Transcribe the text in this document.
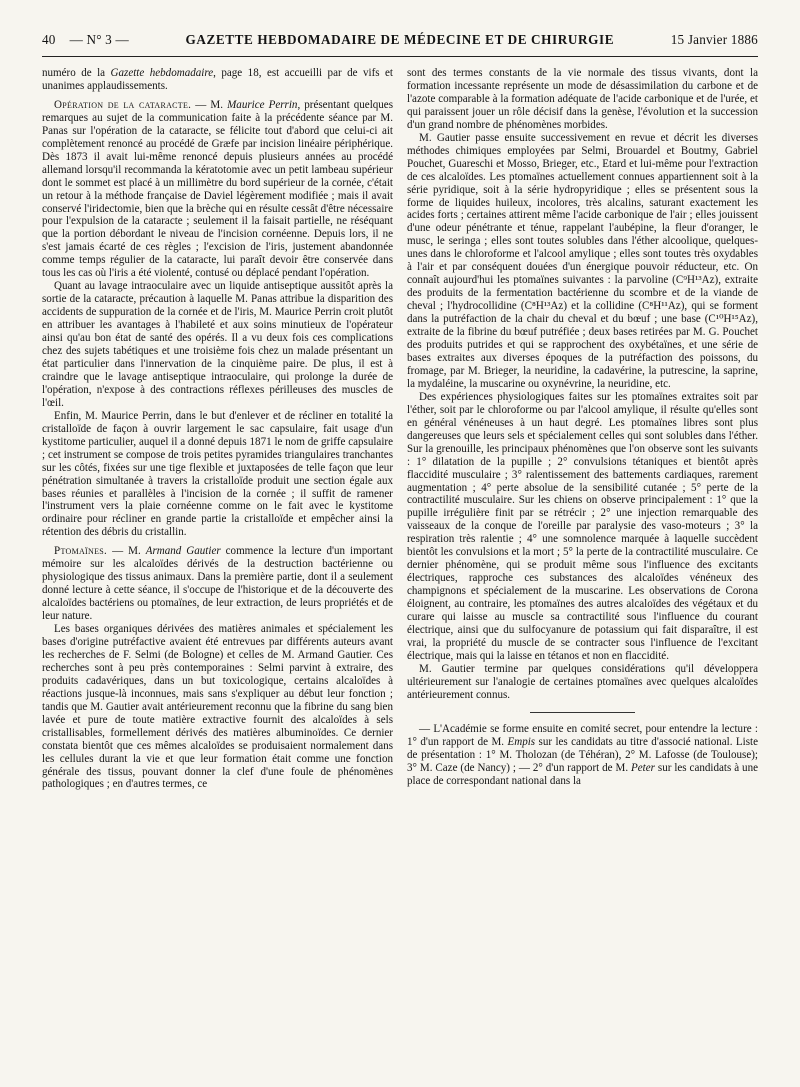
40 — N° 3 —	GAZETTE HEBDOMADAIRE DE MÉDECINE ET DE CHIRURGIE	15 Janvier 1886

numéro de la Gazette hebdomadaire, page 18, est accueilli par de vifs et unanimes applaudissements.

Opération de la cataracte. — M. Maurice Perrin, présentant quelques remarques au sujet de la communication faite à la précédente séance par M. Panas sur l'opération de la cataracte, se félicite tout d'abord que celui-ci ait complètement renoncé au procédé de Græfe par incision linéaire périphérique. Dès 1873 il avait lui-même renoncé depuis plusieurs années au procédé allemand lorsqu'il recommanda la kératotomie avec un petit lambeau supérieur dont le sommet est placé à un millimètre du bord supérieur de la cornée, c'était un retour à la méthode française de Daviel légèrement modifiée ; mais il avait conservé l'iridectomie, bien que la brèche qui en résulte cessât d'être nécessaire pour l'expulsion de la cataracte ; seulement il la faisait partielle, ne réséquant que la portion débordant le niveau de l'incision cornéenne. Depuis lors, il ne s'est jamais écarté de ces règles ; l'excision de l'iris, justement abandonnée comme temps régulier de la cataracte, lui paraît devoir être conservée dans tous les cas où l'iris a été violenté, contusé ou déplacé pendant l'opération.

Quant au lavage intraoculaire avec un liquide antiseptique aussitôt après la sortie de la cataracte, précaution à laquelle M. Panas attribue la disparition des accidents de suppuration de la cornée et de l'iris, M. Maurice Perrin croit plutôt en attribuer les avantages à l'habileté et aux soins minutieux de l'opérateur ainsi qu'au bon état de santé des opérés. Il a vu deux fois ces complications chez des sujets tabétiques et une troisième fois chez un malade présentant un état particulier dans l'innervation de la cinquième paire. De plus, il est à craindre que le lavage antiseptique intraoculaire, qui prolonge la durée de l'opération, n'expose à des contractions réflexes périlleuses des muscles de l'œil.

Enfin, M. Maurice Perrin, dans le but d'enlever et de récliner en totalité la cristalloïde de façon à ouvrir largement le sac capsulaire, fait usage d'un kystitome particulier, auquel il a donné depuis 1871 le nom de griffe capsulaire ; cet instrument se compose de trois petites pyramides triangulaires tranchantes sur les côtés, fixées sur une tige flexible et juxtaposées de telle façon que leur pénétration simultanée à travers la cristalloïde produit une section égale aux bases réunies et parallèles à l'incision de la cornée ; il suffit de ramener l'instrument vers la plaie cornéenne comme on le fait avec le kystitome ordinaire pour récliner en grande partie la cristalloïde et empêcher ainsi la rétention des débris du cristallin.

Ptomaïnes. — M. Armand Gautier commence la lecture d'un important mémoire sur les alcaloïdes dérivés de la destruction bactérienne ou physiologique des tissus animaux. Dans la première partie, dont il a seulement donné lecture à cette séance, il s'occupe de l'historique et de la découverte des alcaloïdes bactériens ou ptomaïnes, de leur extraction, de leurs propriétés et de leur nature.

Les bases organiques dérivées des matières animales et spécialement les bases d'origine putréfactive avaient été entrevues par différents auteurs avant les recherches de F. Selmi (de Bologne) et celles de M. Armand Gautier. Ces recherches sont à peu près contemporaines : Selmi parvint à extraire, des produits cadavériques, dans un but toxicologique, certains alcaloïdes à réactions jusque-là inconnues, mais sans s'expliquer au début leur fonction ; tandis que M. Gautier avait antérieurement reconnu que la fibrine du sang bien lavée et pure de toute matière extractive fournit des alcaloïdes à sels cristallisables, formellement dérivés des matières albuminoïdes. Ce dernier constata bientôt que ces mêmes alcaloïdes se produisaient normalement dans les cellules durant la vie et que leur formation était comme une fonction générale des tissus, pouvant donner la clef d'une foule de phénomènes pathologiques ; en d'autres termes, ce

sont des termes constants de la vie normale des tissus vivants, dont la formation incessante représente un mode de désassimilation du carbone et de l'azote comparable à la formation adéquate de l'acide carbonique et de l'urée, et qui paraissent jouer un rôle décisif dans la genèse, l'évolution et la succession d'un grand nombre de phénomènes morbides.

M. Gautier passe ensuite successivement en revue et décrit les diverses méthodes chimiques employées par Selmi, Brouardel et Boutmy, Gabriel Pouchet, Guareschi et Mosso, Brieger, etc., Etard et lui-même pour l'extraction de ces alcaloïdes. Les ptomaïnes actuellement connues appartiennent soit à la série pyridique, soit à la série hydropyridique ; elles se présentent sous la forme de liquides huileux, incolores, très alcalins, saturant exactement les acides forts ; certaines attirent même l'acide carbonique de l'air ; elles jouissent d'une odeur pénétrante et ténue, rappelant l'aubépine, la fleur d'oranger, le musc, le seringa ; elles sont toutes solubles dans l'éther alcoolique, quelques-unes dans le chloroforme et l'alcool amylique ; elles sont toutes très oxydables à l'air et par conséquent douées d'un énergique pouvoir réducteur, etc. On connaît aujourd'hui les ptomaïnes suivantes : la parvoline (C⁹H¹³Az), extraite des produits de la fermentation bactérienne du scombre et de la viande de cheval ; l'hydrocollidine (C⁸H¹³Az) et la collidine (C⁸H¹¹Az), qui se forment dans la putréfaction de la chair du cheval et du bœuf ; une base (C¹⁰H¹⁵Az), extraite de la fibrine du bœuf putréfiée ; deux bases retirées par M. G. Pouchet des produits putrides et qui se rapprochent des oxybétaïnes, et une série de bases extraites aux diverses époques de la putréfaction des poissons, du fromage, par M. Brieger, la neuridine, la cadavérine, la putrescine, la saprine, la mydaléine, la muscarine ou oxynévrine, la neuridine, etc.

Des expériences physiologiques faites sur les ptomaïnes extraites soit par l'éther, soit par le chloroforme ou par l'alcool amylique, il résulte qu'elles sont en général vénéneuses à un haut degré. Les ptomaïnes libres sont plus dangereuses que leurs sels et spécialement celles qui sont solubles dans l'éther. Sur la grenouille, les principaux phénomènes que l'on observe sont les suivants : 1° dilatation de la pupille ; 2° convulsions tétaniques et bientôt après flaccidité musculaire ; 3° ralentissement des battements cardiaques, rarement augmentation ; 4° perte absolue de la sensibilité cutanée ; 5° perte de la contractilité musculaire. Sur les chiens on observe principalement : 1° que la pupille irrégulière finit par se rétrécir ; 2° une injection remarquable des vaisseaux de la conque de l'oreille par paralysie des vaso-moteurs ; 3° la respiration très ralentie ; 4° une somnolence marquée à laquelle succèdent bientôt les convulsions et la mort ; 5° la perte de la contractilité musculaire. Ce dernier phénomène, qui se produit même sous l'influence des excitants électriques, rapproche ces substances des alcaloïdes vénéneux des champignons et spécialement de la muscarine. Les observations de Corona éloignent, au contraire, les ptomaïnes des autres alcaloïdes des végétaux et du curare qui laisse au muscle sa contractilité sous l'influence du courant électrique, ainsi que du sulfocyanure de potassium qui fait disparaître, il est vrai, la propriété du muscle de se contracter sous l'influence de l'excitant électrique, mais qui la laisse en tétanos et non en flaccidité.

M. Gautier termine par quelques considérations qu'il développera ultérieurement sur l'analogie de certaines ptomaïnes avec quelques alcaloïdes antérieurement connus.

— L'Académie se forme ensuite en comité secret, pour entendre la lecture : 1° d'un rapport de M. Empis sur les candidats au titre d'associé national. Liste de présentation : 1° M. Tholozan (de Téhéran), 2° M. Lafosse (de Toulouse); 3° M. Caze (de Nancy) ; — 2° d'un rapport de M. Peter sur les candidats à une place de correspondant national dans la
